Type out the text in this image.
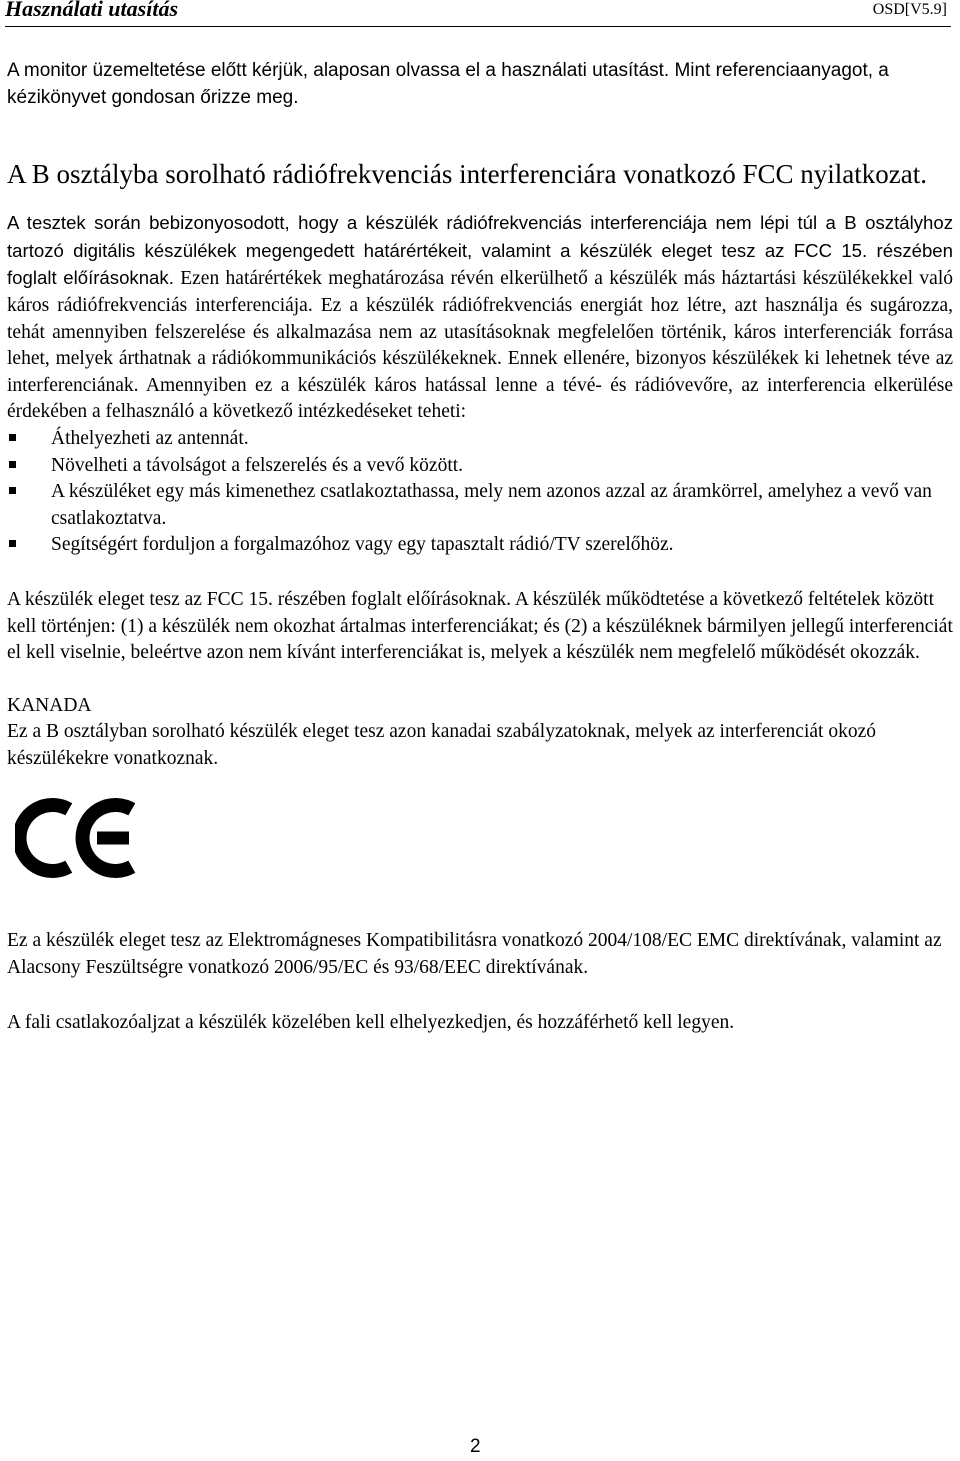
Használati utasítás	OSD[V5.9]

A monitor üzemeltetése előtt kérjük, alaposan olvassa el a használati utasítást. Mint referenciaanyagot, a kézikönyvet gondosan őrizze meg.

A B osztályba sorolható rádiófrekvenciás interferenciára vonatkozó FCC nyilatkozat.

A tesztek során bebizonyosodott, hogy a készülék rádiófrekvenciás interferenciája nem lépi túl a B osztályhoz tartozó digitális készülékek megengedett határértékeit, valamint a készülék eleget tesz az FCC 15. részében foglalt előírásoknak. Ezen határértékek meghatározása révén elkerülhető a készülék más háztartási készülékekkel való káros rádiófrekvenciás interferenciája. Ez a készülék rádiófrekvenciás energiát hoz létre, azt használja és sugározza, tehát amennyiben felszerelése és alkalmazása nem az utasításoknak megfelelően történik, káros interferenciák forrása lehet, melyek árthatnak a rádiókommunikációs készülékeknek. Ennek ellenére, bizonyos készülékek ki lehetnek téve az interferenciának. Amennyiben ez a készülék káros hatással lenne a tévé- és rádióvevőre, az interferencia elkerülése érdekében a felhasználó a következő intézkedéseket teheti:

Áthelyezheti az antennát.
Növelheti a távolságot a felszerelés és a vevő között.
A készüléket egy más kimenethez csatlakoztathassa, mely nem azonos azzal az áramkörrel, amelyhez a vevő van csatlakoztatva.
Segítségért forduljon a forgalmazóhoz vagy egy tapasztalt rádió/TV szerelőhöz.

A készülék eleget tesz az FCC 15. részében foglalt előírásoknak. A készülék működtetése a következő feltételek között kell történjen: (1) a készülék nem okozhat ártalmas interferenciákat; és (2) a készüléknek bármilyen jellegű interferenciát el kell viselnie, beleértve azon nem kívánt interferenciákat is, melyek a készülék nem megfelelő működését okozzák.

KANADA

Ez a B osztályban sorolható készülék eleget tesz azon kanadai szabályzatoknak, melyek az interferenciát okozó készülékekre vonatkoznak.

Ez a készülék eleget tesz az Elektromágneses Kompatibilitásra vonatkozó 2004/108/EC EMC direktívának, valamint az Alacsony Feszültségre vonatkozó 2006/95/EC és 93/68/EEC direktívának.

A fali csatlakozóaljzat a készülék közelében kell elhelyezkedjen, és hozzáférhető kell legyen.

2
